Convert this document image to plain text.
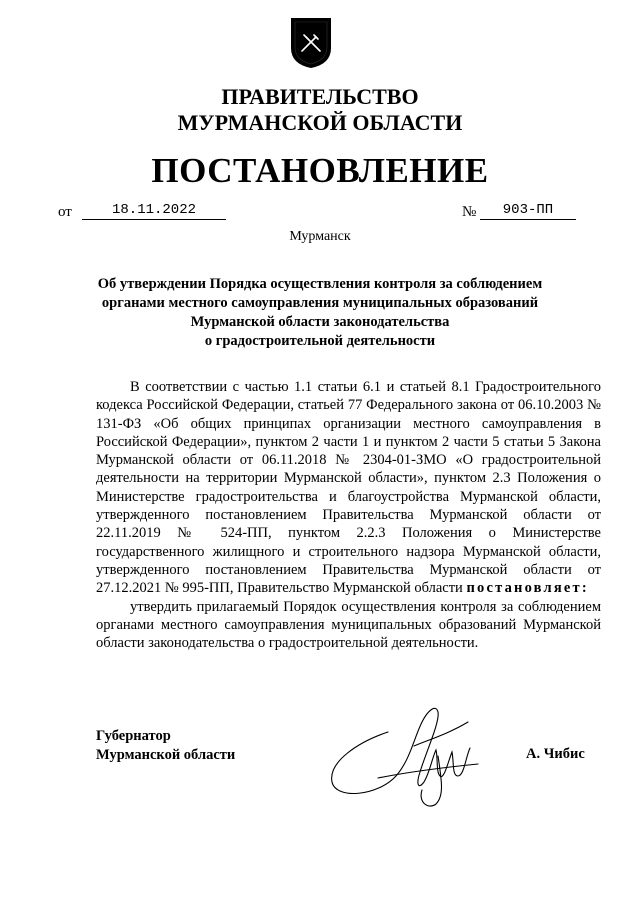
ПРАВИТЕЛЬСТВО
МУРМАНСКОЙ ОБЛАСТИ
ПОСТАНОВЛЕНИЕ
от	18.11.2022	№	903-ПП
Мурманск
Об утверждении Порядка осуществления контроля за соблюдением
органами местного самоуправления муниципальных образований
Мурманской области законодательства
о градостроительной деятельности

В соответствии с частью 1.1 статьи 6.1 и статьей 8.1 Градостроительного кодекса Российской Федерации, статьей 77 Федерального закона от 06.10.2003 № 131-ФЗ «Об общих принципах организации местного самоуправления в Российской Федерации», пунктом 2 части 1 и пунктом 2 части 5 статьи 5 Закона Мурманской области от 06.11.2018 № 2304-01-ЗМО «О градостроительной деятельности на территории Мурманской области», пунктом 2.3 Положения о Министерстве градостроительства и благоустройства Мурманской области, утвержденного постановлением Правительства Мурманской области от 22.11.2019 № 524-ПП, пунктом 2.2.3 Положения о Министерстве государственного жилищного и строительного надзора Мурманской области, утвержденного постановлением Правительства Мурманской области от 27.12.2021 № 995-ПП, Правительство Мурманской области постановляет:

утвердить прилагаемый Порядок осуществления контроля за соблюдением органами местного самоуправления муниципальных образований Мурманской области законодательства о градостроительной деятельности.

Губернатор
Мурманской области	А. Чибис
